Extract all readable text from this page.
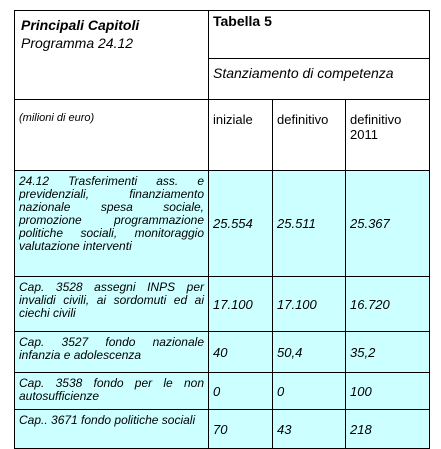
Principali Capitoli
Programma 24.12	Tabella 5		
	Stanziamento di competenza		
(milioni di euro)	iniziale	definitivo	definitivo 2011
24.12 Trasferimenti ass. e previdenziali, finanziamento nazionale spesa sociale, promozione programmazione politiche sociali, monitoraggio valutazione interventi	25.554	25.511	25.367
Cap. 3528 assegni INPS per invalidi civili, ai sordomuti ed ai ciechi civili	17.100	17.100	16.720
Cap. 3527 fondo nazionale infanzia e adolescenza	40	50,4	35,2
Cap. 3538 fondo per le non autosufficienze	0	0	100
Cap.. 3671 fondo politiche sociali	70	43	218
